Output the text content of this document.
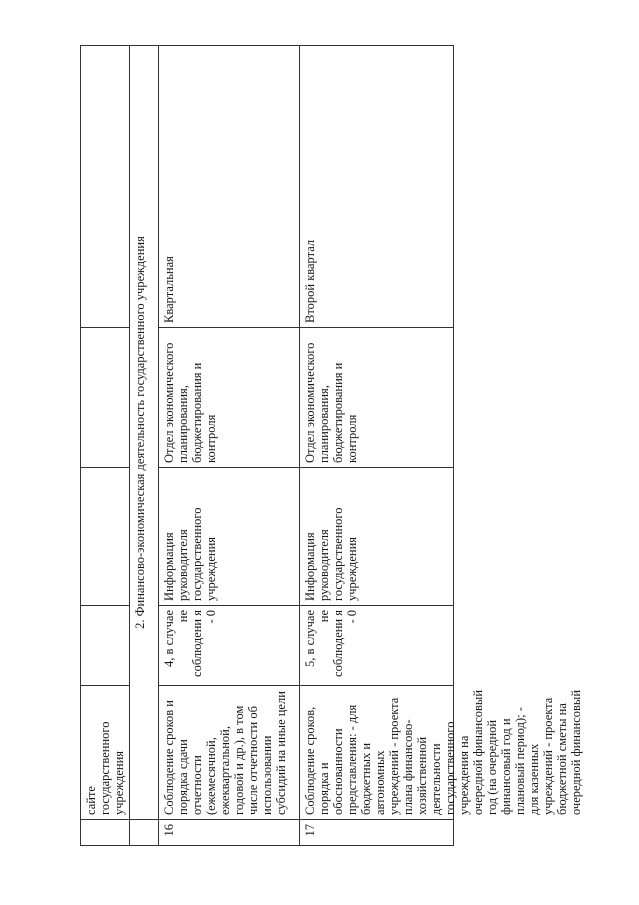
	сайте государственного учреждения				
	2. Финансово-экономическая деятельность государственного учреждения				
16	Соблюдение сроков и порядка сдачи отчетности (ежемесячной, ежеквартальной, годовой и др.), в том числе отчетности об использовании субсидий на иные цели	4, в случае не соблюдени я - 0	Информация руководителя государственного учреждения	Отдел экономического планирования, бюджетирования и контроля	Квартальная
17	Соблюдение сроков, порядка и обоснованности представления: - для бюджетных и автономных учреждений - проекта плана финансово-хозяйственной деятельности государственного учреждения на очередной финансовый год (на очередной финансовый год и плановый период); - для казенных учреждений - проекта бюджетной сметы на очередной финансовый	5, в случае не соблюдени я - 0	Информация руководителя государственного учреждения	Отдел экономического планирования, бюджетирования и контроля	Второй квартал
